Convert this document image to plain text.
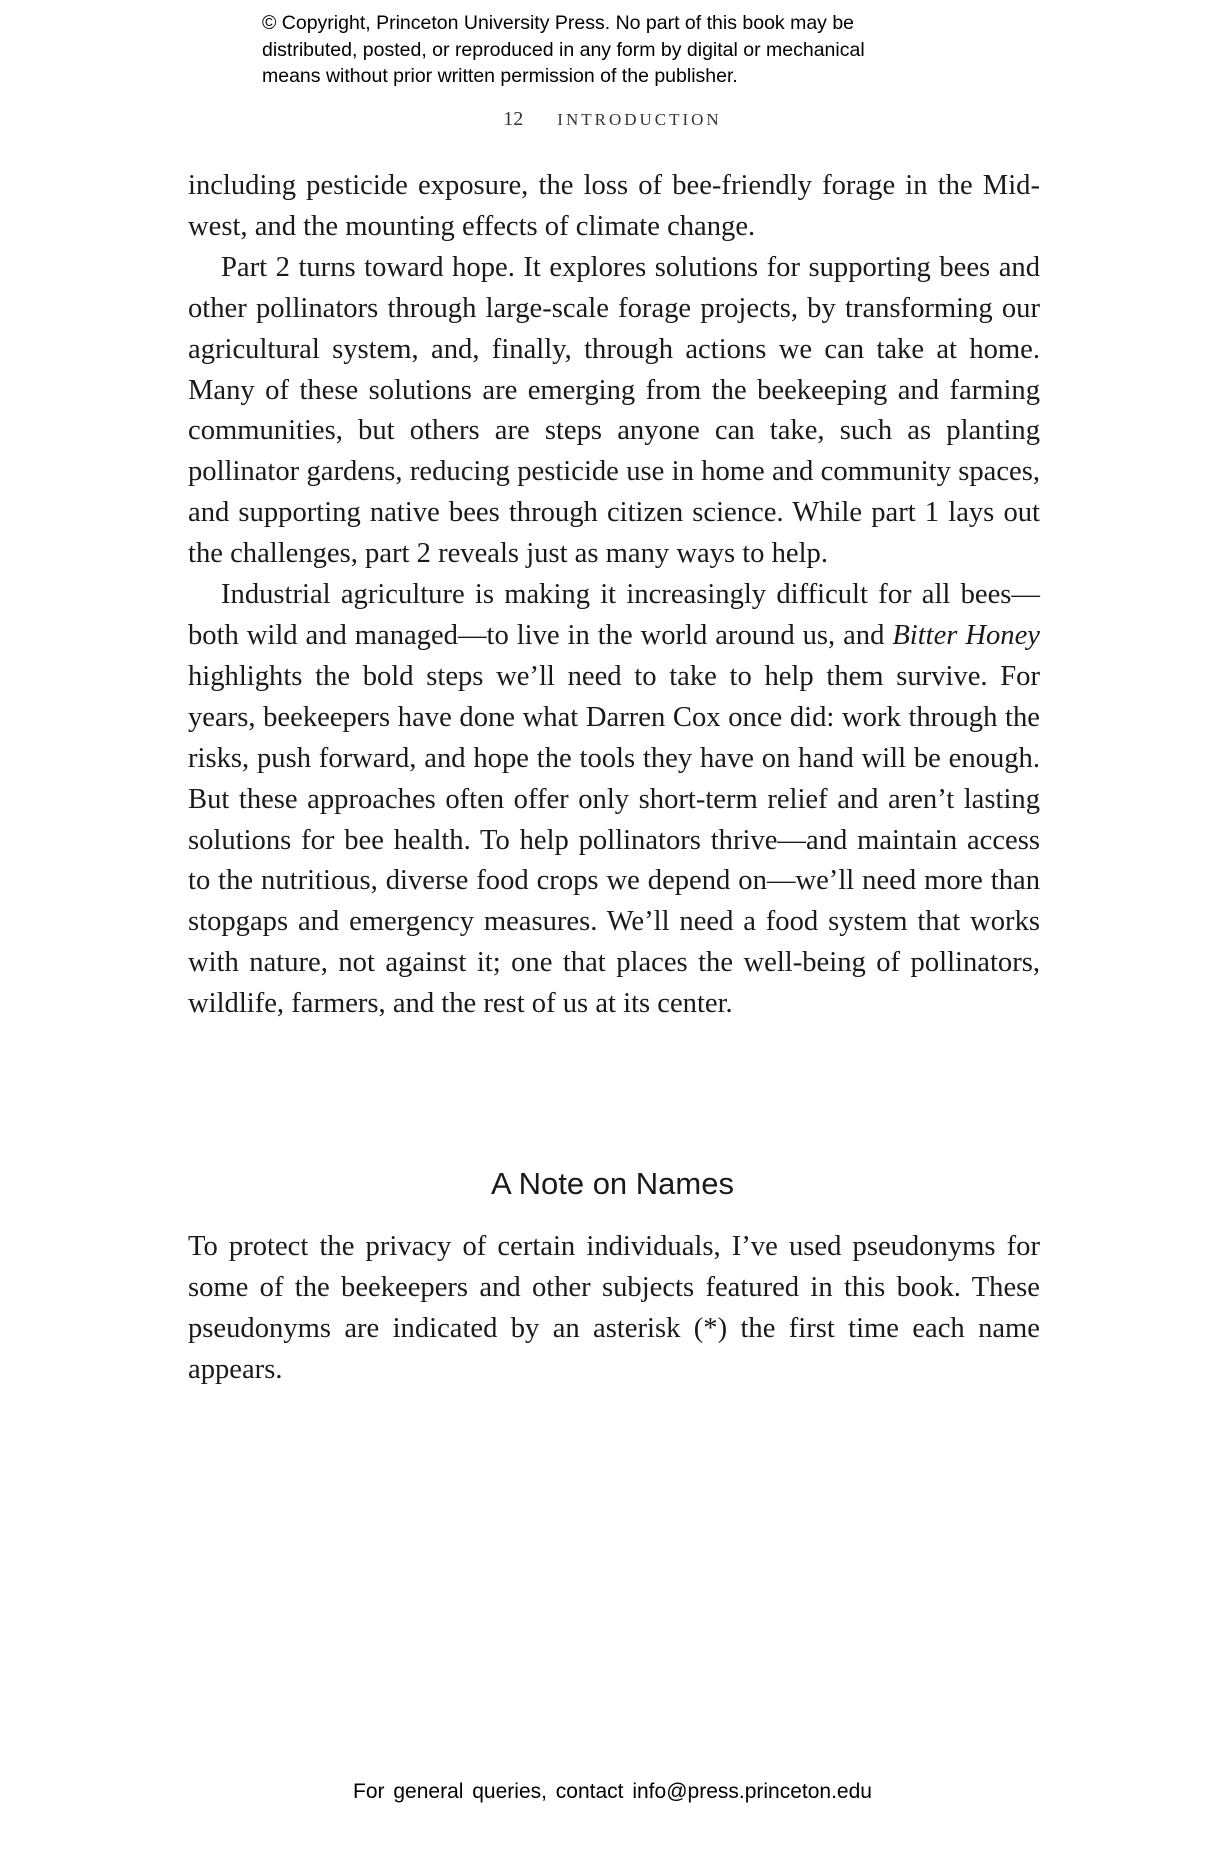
© Copyright, Princeton University Press. No part of this book may be

distributed, posted, or reproduced in any form by digital or mechanical

means without prior written permission of the publisher.

12 INTRODUCTION

including pesticide exposure, the loss of bee-friendly forage in the Midwest, and the mounting effects of climate change.

Part 2 turns toward hope. It explores solutions for supporting bees and other pollinators through large-scale forage projects, by transforming our agricultural system, and, finally, through actions we can take at home. Many of these solutions are emerging from the beekeeping and farming communities, but others are steps anyone can take, such as planting pollinator gardens, reducing pesticide use in home and community spaces, and supporting native bees through citizen science. While part 1 lays out the challenges, part 2 reveals just as many ways to help.

Industrial agriculture is making it increasingly difficult for all bees—both wild and managed—to live in the world around us, and Bitter Honey highlights the bold steps we’ll need to take to help them survive. For years, beekeepers have done what Darren Cox once did: work through the risks, push forward, and hope the tools they have on hand will be enough. But these approaches often offer only short-term relief and aren’t lasting solutions for bee health. To help pollinators thrive—and maintain access to the nutritious, diverse food crops we depend on—we’ll need more than stopgaps and emergency measures. We’ll need a food system that works with nature, not against it; one that places the well-being of pollinators, wildlife, farmers, and the rest of us at its center.

A Note on Names

To protect the privacy of certain individuals, I’ve used pseudonyms for some of the beekeepers and other subjects featured in this book. These pseudonyms are indicated by an asterisk (*) the first time each name appears.

For general queries, contact info@press.princeton.edu
